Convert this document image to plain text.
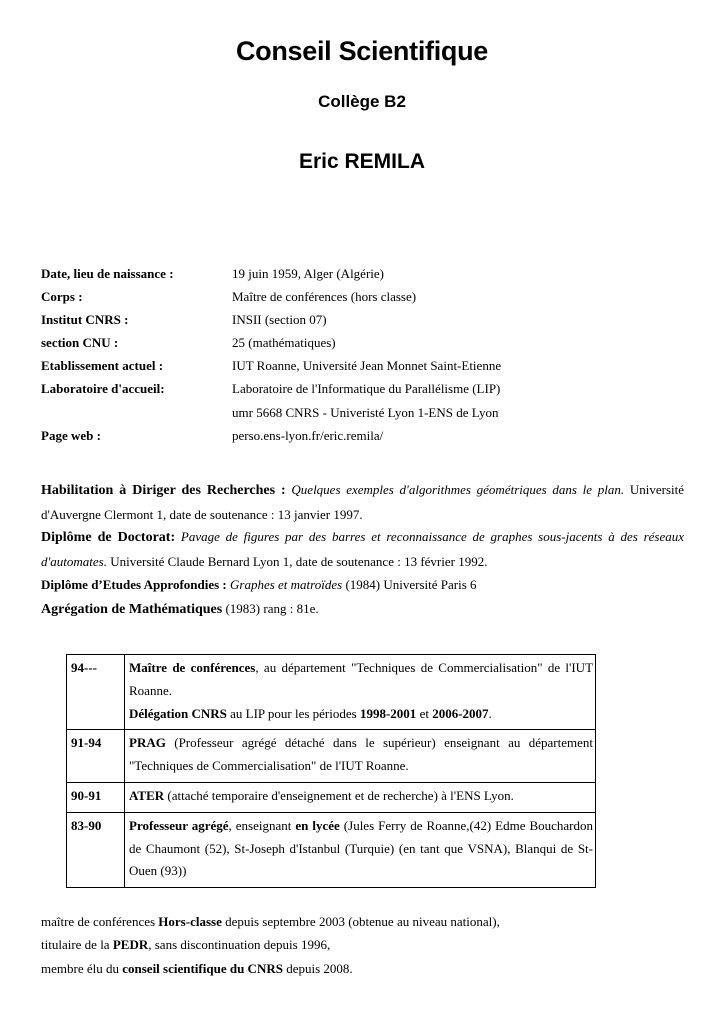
Conseil Scientifique
Collège B2
Eric REMILA
Date, lieu de naissance :	19 juin 1959, Alger (Algérie)
Corps :	Maître de conférences (hors classe)
Institut CNRS :	INSII (section 07)
section CNU :	25 (mathématiques)
Etablissement actuel :	IUT Roanne, Université Jean Monnet Saint-Etienne
Laboratoire d'accueil:	Laboratoire de l'Informatique du Parallélisme (LIP)
umr 5668 CNRS - Univeristé Lyon 1-ENS de Lyon
Page web :	perso.ens-lyon.fr/eric.remila/
Habilitation à Diriger des Recherches : Quelques exemples d'algorithmes géométriques dans le plan. Université d'Auvergne Clermont 1, date de soutenance : 13 janvier 1997.
Diplôme de Doctorat: Pavage de figures par des barres et reconnaissance de graphes sous-jacents à des réseaux d'automates. Université Claude Bernard Lyon 1, date de soutenance : 13 février 1992.
Diplôme d’Etudes Approfondies : Graphes et matroïdes (1984) Université Paris 6
Agrégation de Mathématiques (1983) rang : 81e.
94---	Maître de conférences, au département "Techniques de Commercialisation" de l'IUT Roanne.
Délégation CNRS au LIP pour les périodes 1998-2001 et 2006-2007.
91-94	PRAG (Professeur agrégé détaché dans le supérieur) enseignant au département "Techniques de Commercialisation" de l'IUT Roanne.
90-91	ATER (attaché temporaire d'enseignement et de recherche) à l'ENS Lyon.
83-90	Professeur agrégé, enseignant en lycée (Jules Ferry de Roanne,(42) Edme Bouchardon de Chaumont (52), St-Joseph d'Istanbul (Turquie) (en tant que VSNA), Blanqui de St-Ouen (93))
maître de conférences Hors-classe depuis septembre 2003 (obtenue au niveau national),
titulaire de la PEDR, sans discontinuation depuis 1996,
membre élu du conseil scientifique du CNRS depuis 2008.
